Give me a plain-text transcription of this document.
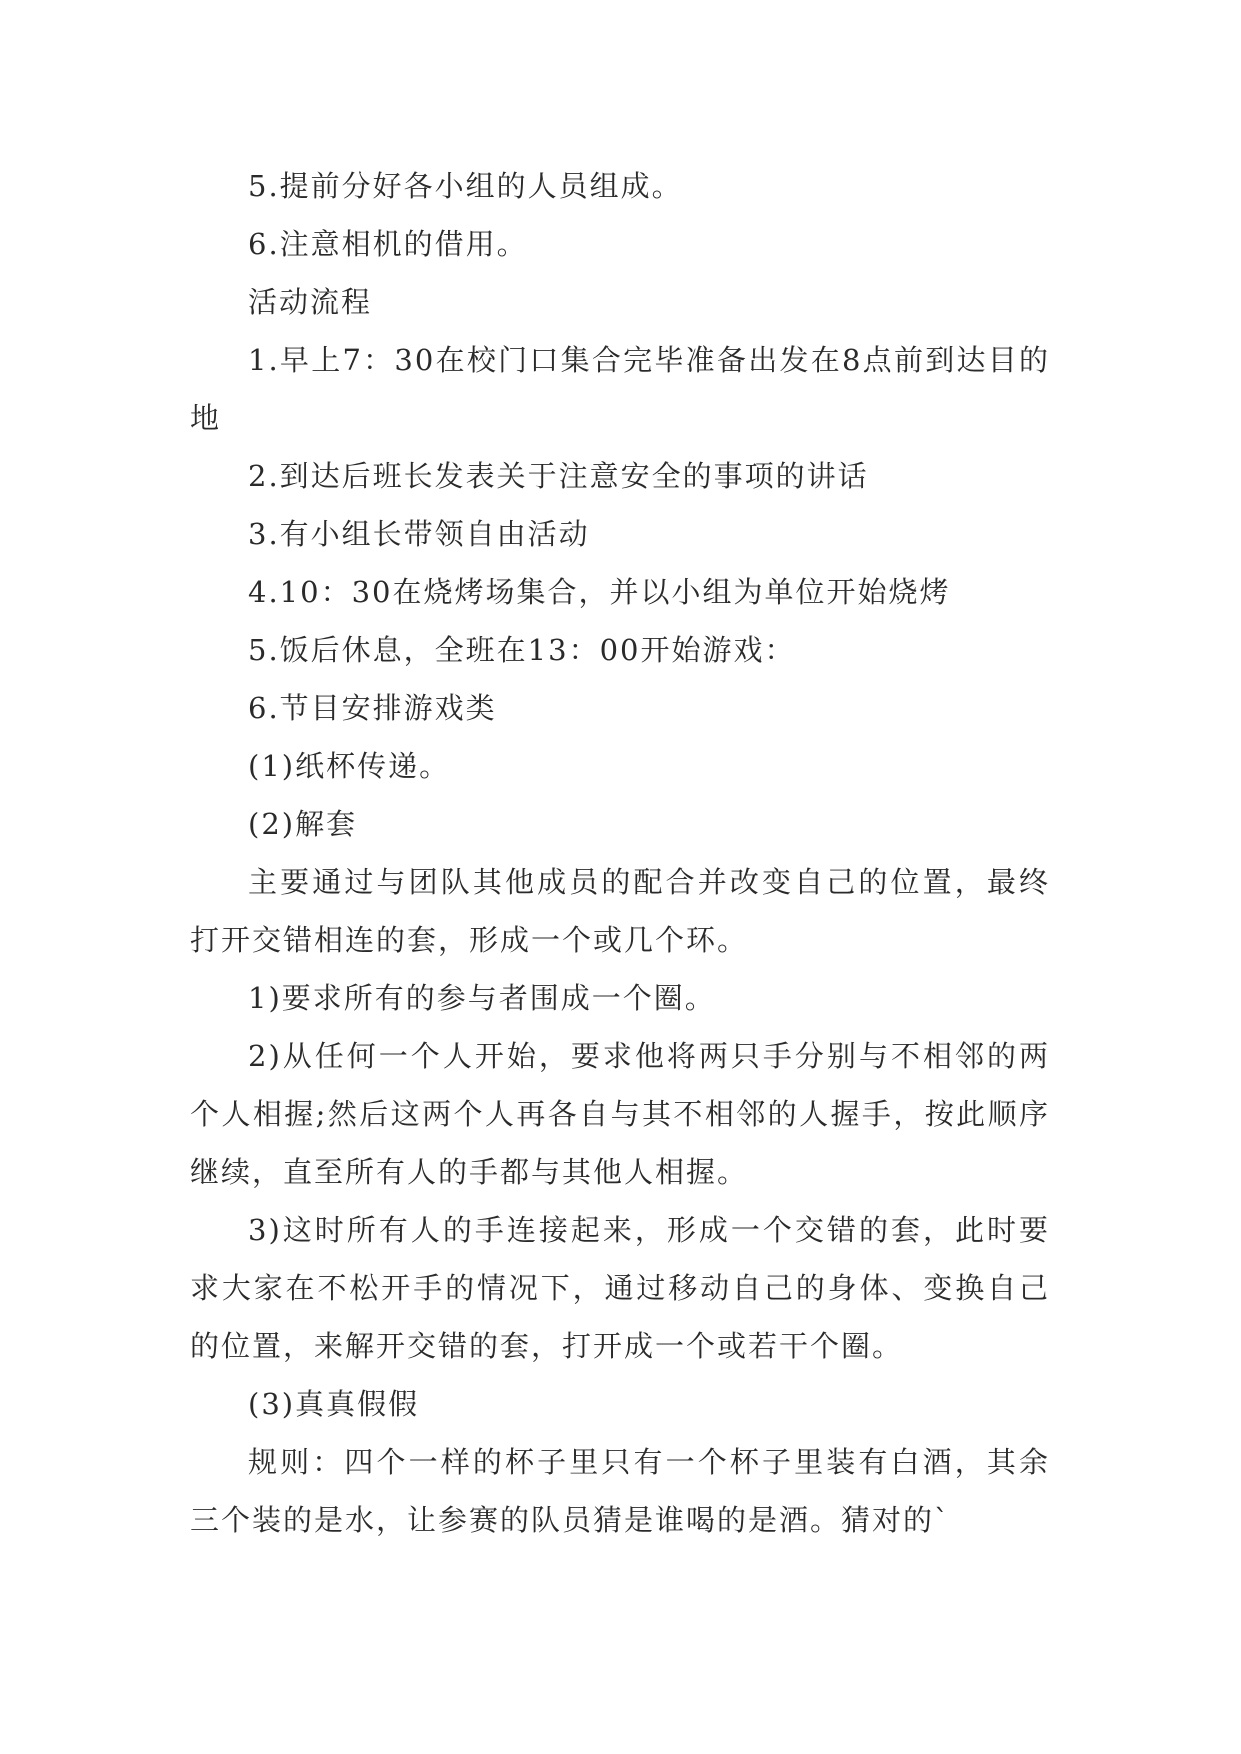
5.提前分好各小组的人员组成。

6.注意相机的借用。

活动流程

1.早上7：30在校门口集合完毕准备出发在8点前到达目的地

2.到达后班长发表关于注意安全的事项的讲话

3.有小组长带领自由活动

4.10：30在烧烤场集合，并以小组为单位开始烧烤

5.饭后休息，全班在13：00开始游戏：

6.节目安排游戏类

(1)纸杯传递。

(2)解套

主要通过与团队其他成员的配合并改变自己的位置，最终打开交错相连的套，形成一个或几个环。

1)要求所有的参与者围成一个圈。

2)从任何一个人开始，要求他将两只手分别与不相邻的两个人相握;然后这两个人再各自与其不相邻的人握手，按此顺序继续，直至所有人的手都与其他人相握。

3)这时所有人的手连接起来，形成一个交错的套，此时要求大家在不松开手的情况下，通过移动自己的身体、变换自己的位置，来解开交错的套，打开成一个或若干个圈。

(3)真真假假

规则：四个一样的杯子里只有一个杯子里装有白酒，其余三个装的是水，让参赛的队员猜是谁喝的是酒。猜对的`
